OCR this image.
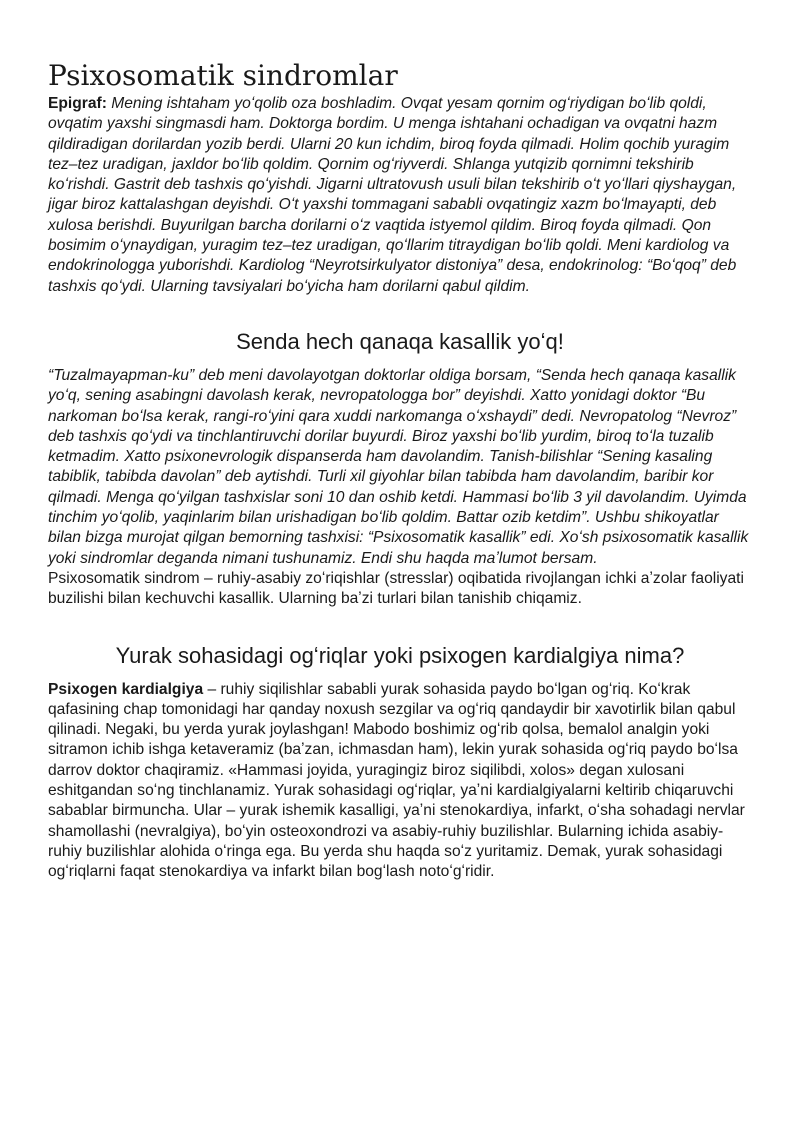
Psixosomatik sindromlar

Epigraf: Mening ishtaham yoʻqolib oza boshladim. Ovqat yesam qornim ogʻriydigan boʻlib qoldi, ovqatim yaxshi singmasdi ham. Doktorga bordim. U menga ishtahani ochadigan va ovqatni hazm qildiradigan dorilardan yozib berdi. Ularni 20 kun ichdim, biroq foyda qilmadi. Holim qochib yuragim tez–tez uradigan, jaxldor boʻlib qoldim. Qornim ogʻriyverdi. Shlanga yutqizib qornimni tekshirib koʻrishdi. Gastrit deb tashxis qoʻyishdi. Jigarni ultratovush usuli bilan tekshirib oʻt yoʻllari qiyshaygan, jigar biroz kattalashgan deyishdi. Oʻt yaxshi tommagani sababli ovqatingiz xazm boʻlmayapti, deb xulosa berishdi. Buyurilgan barcha dorilarni oʻz vaqtida istyemol qildim. Biroq foyda qilmadi. Qon bosimim oʻynaydigan, yuragim tez–tez uradigan, qoʻllarim titraydigan boʻlib qoldi. Meni kardiolog va endokrinologga yuborishdi. Kardiolog “Neyrotsirkulyator distoniya” desa, endokrinolog: “Boʻqoq” deb tashxis qoʻydi. Ularning tavsiyalari boʻyicha ham dorilarni qabul qildim.

Senda hech qanaqa kasallik yoʻq!

“Tuzalmayapman-ku” deb meni davolayotgan doktorlar oldiga borsam, “Senda hech qanaqa kasallik yoʻq, sening asabingni davolash kerak, nevropatologga bor” deyishdi. Xatto yonidagi doktor “Bu narkoman boʻlsa kerak, rangi-roʻyini qara xuddi narkomanga oʻxshaydi” dedi. Nevropatolog “Nevroz” deb tashxis qoʻydi va tinchlantiruvchi dorilar buyurdi. Biroz yaxshi boʻlib yurdim, biroq toʻla tuzalib ketmadim. Xatto psixonevrologik dispanserda ham davolandim. Tanish-bilishlar “Sening kasaling tabiblik, tabibda davolan” deb aytishdi. Turli xil giyohlar bilan tabibda ham davolandim, baribir kor qilmadi. Menga qoʻyilgan tashxislar soni 10 dan oshib ketdi. Hammasi boʻlib 3 yil davolandim. Uyimda tinchim yoʻqolib, yaqinlarim bilan urishadigan boʻlib qoldim. Battar ozib ketdim”. Ushbu shikoyatlar bilan bizga murojat qilgan bemorning tashxisi: “Psixosomatik kasallik” edi. Xoʻsh psixosomatik kasallik yoki sindromlar deganda nimani tushunamiz. Endi shu haqda maʼlumot bersam.

Psixosomatik sindrom – ruhiy-asabiy zoʻriqishlar (stresslar) oqibatida rivojlangan ichki aʼzolar faoliyati buzilishi bilan kechuvchi kasallik. Ularning baʼzi turlari bilan tanishib chiqamiz.

Yurak sohasidagi ogʻriqlar yoki psixogen kardialgiya nima?

Psixogen kardialgiya – ruhiy siqilishlar sababli yurak sohasida paydo boʻlgan ogʻriq. Koʻkrak qafasining chap tomonidagi har qanday noxush sezgilar va ogʻriq qandaydir bir xavotirlik bilan qabul qilinadi. Negaki, bu yerda yurak joylashgan! Mabodo boshimiz ogʻrib qolsa, bemalol analgin yoki sitramon ichib ishga ketaveramiz (baʼzan, ichmasdan ham), lekin yurak sohasida ogʻriq paydo boʻlsa darrov doktor chaqiramiz. «Hammasi joyida, yuragingiz biroz siqilibdi, xolos» degan xulosani eshitgandan soʻng tinchlanamiz. Yurak sohasidagi ogʻriqlar, yaʼni kardialgiyalarni keltirib chiqaruvchi sabablar birmuncha. Ular – yurak ishemik kasalligi, yaʼni stenokardiya, infarkt, oʻsha sohadagi nervlar shamollashi (nevralgiya), boʻyin osteoxondrozi va asabiy-ruhiy buzilishlar. Bularning ichida asabiy-ruhiy buzilishlar alohida oʻringa ega. Bu yerda shu haqda soʻz yuritamiz. Demak, yurak sohasidagi ogʻriqlarni faqat stenokardiya va infarkt bilan bogʻlash notoʻgʻridir.
